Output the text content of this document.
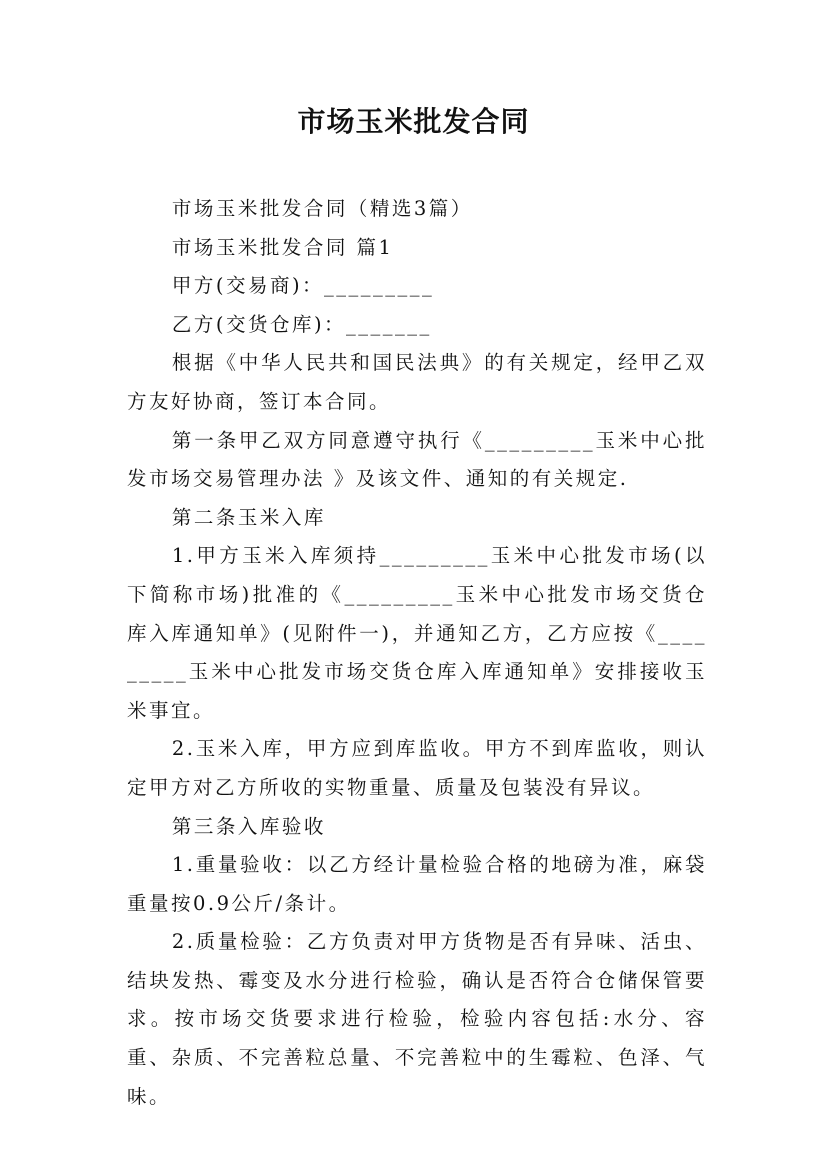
市场玉米批发合同

市场玉米批发合同（精选3篇）

市场玉米批发合同 篇1

甲方(交易商)：_________

乙方(交货仓库)：_______

根据《中华人民共和国民法典》的有关规定，经甲乙双方友好协商，签订本合同。

第一条甲乙双方同意遵守执行《_________玉米中心批发市场交易管理办法 》及该文件、通知的有关规定.

第二条玉米入库

1.甲方玉米入库须持_________玉米中心批发市场(以下简称市场)批准的《_________玉米中心批发市场交货仓库入库通知单》(见附件一)，并通知乙方，乙方应按《_________玉米中心批发市场交货仓库入库通知单》安排接收玉米事宜。

2.玉米入库，甲方应到库监收。甲方不到库监收，则认定甲方对乙方所收的实物重量、质量及包装没有异议。

第三条入库验收

1.重量验收：以乙方经计量检验合格的地磅为准，麻袋重量按0.9公斤/条计。

2.质量检验：乙方负责对甲方货物是否有异味、活虫、结块发热、霉变及水分进行检验，确认是否符合仓储保管要求。按市场交货要求进行检验，检验内容包括:水分、容重、杂质、不完善粒总量、不完善粒中的生霉粒、色泽、气味。
